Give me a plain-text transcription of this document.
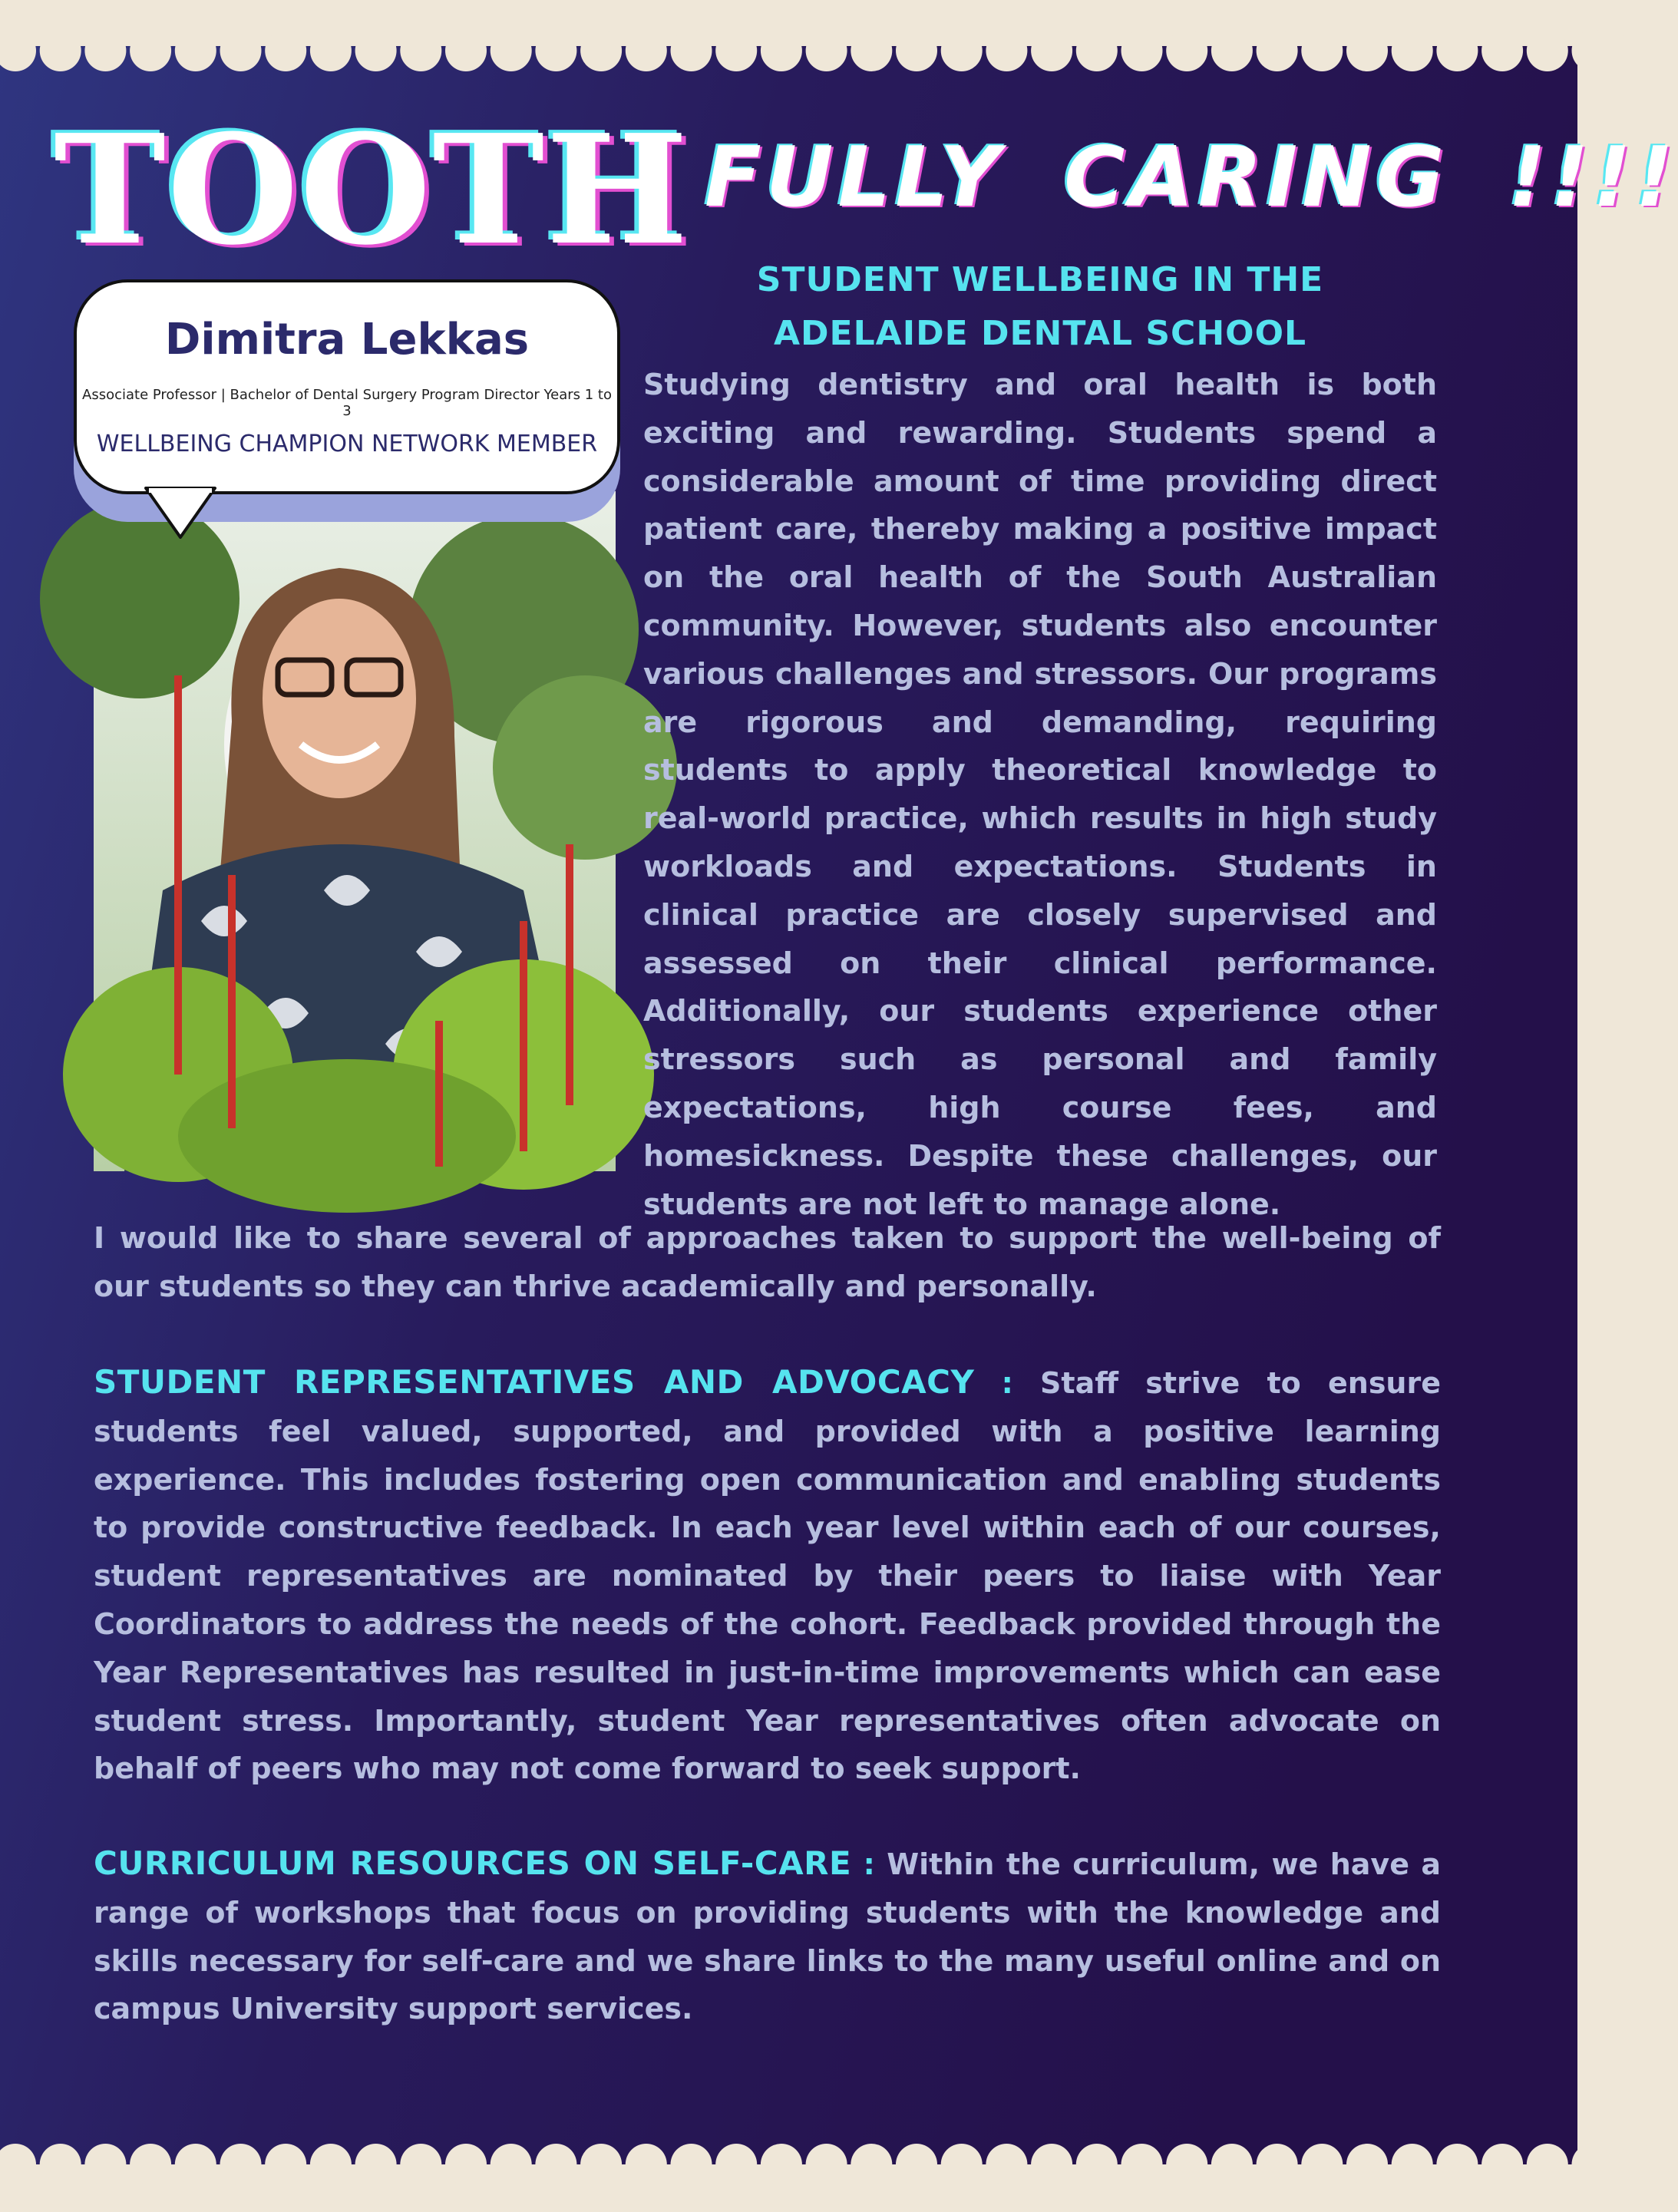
TOOTH FULLY CARING !!!!
STUDENT WELLBEING IN THE
ADELAIDE DENTAL SCHOOL
Dimitra Lekkas
Associate Professor | Bachelor of Dental Surgery Program Director Years 1 to 3
WELLBEING CHAMPION NETWORK MEMBER

Studying dentistry and oral health is both exciting and rewarding. Students spend a considerable amount of time providing direct patient care, thereby making a positive impact on the oral health of the South Australian community. However, students also encounter various challenges and stressors. Our programs are rigorous and demanding, requiring students to apply theoretical knowledge to real-world practice, which results in high study workloads and expectations. Students in clinical practice are closely supervised and assessed on their clinical performance. Additionally, our students experience other stressors such as personal and family expectations, high course fees, and homesickness. Despite these challenges, our students are not left to manage alone.

I would like to share several of approaches taken to support the well-being of our students so they can thrive academically and personally.

STUDENT REPRESENTATIVES AND ADVOCACY : Staff strive to ensure students feel valued, supported, and provided with a positive learning experience. This includes fostering open communication and enabling students to provide constructive feedback. In each year level within each of our courses, student representatives are nominated by their peers to liaise with Year Coordinators to address the needs of the cohort. Feedback provided through the Year Representatives has resulted in just-in-time improvements which can ease student stress. Importantly, student Year representatives often advocate on behalf of peers who may not come forward to seek support.

CURRICULUM RESOURCES ON SELF-CARE : Within the curriculum, we have a range of workshops that focus on providing students with the knowledge and skills necessary for self-care and we share links to the many useful online and on campus University support services.
